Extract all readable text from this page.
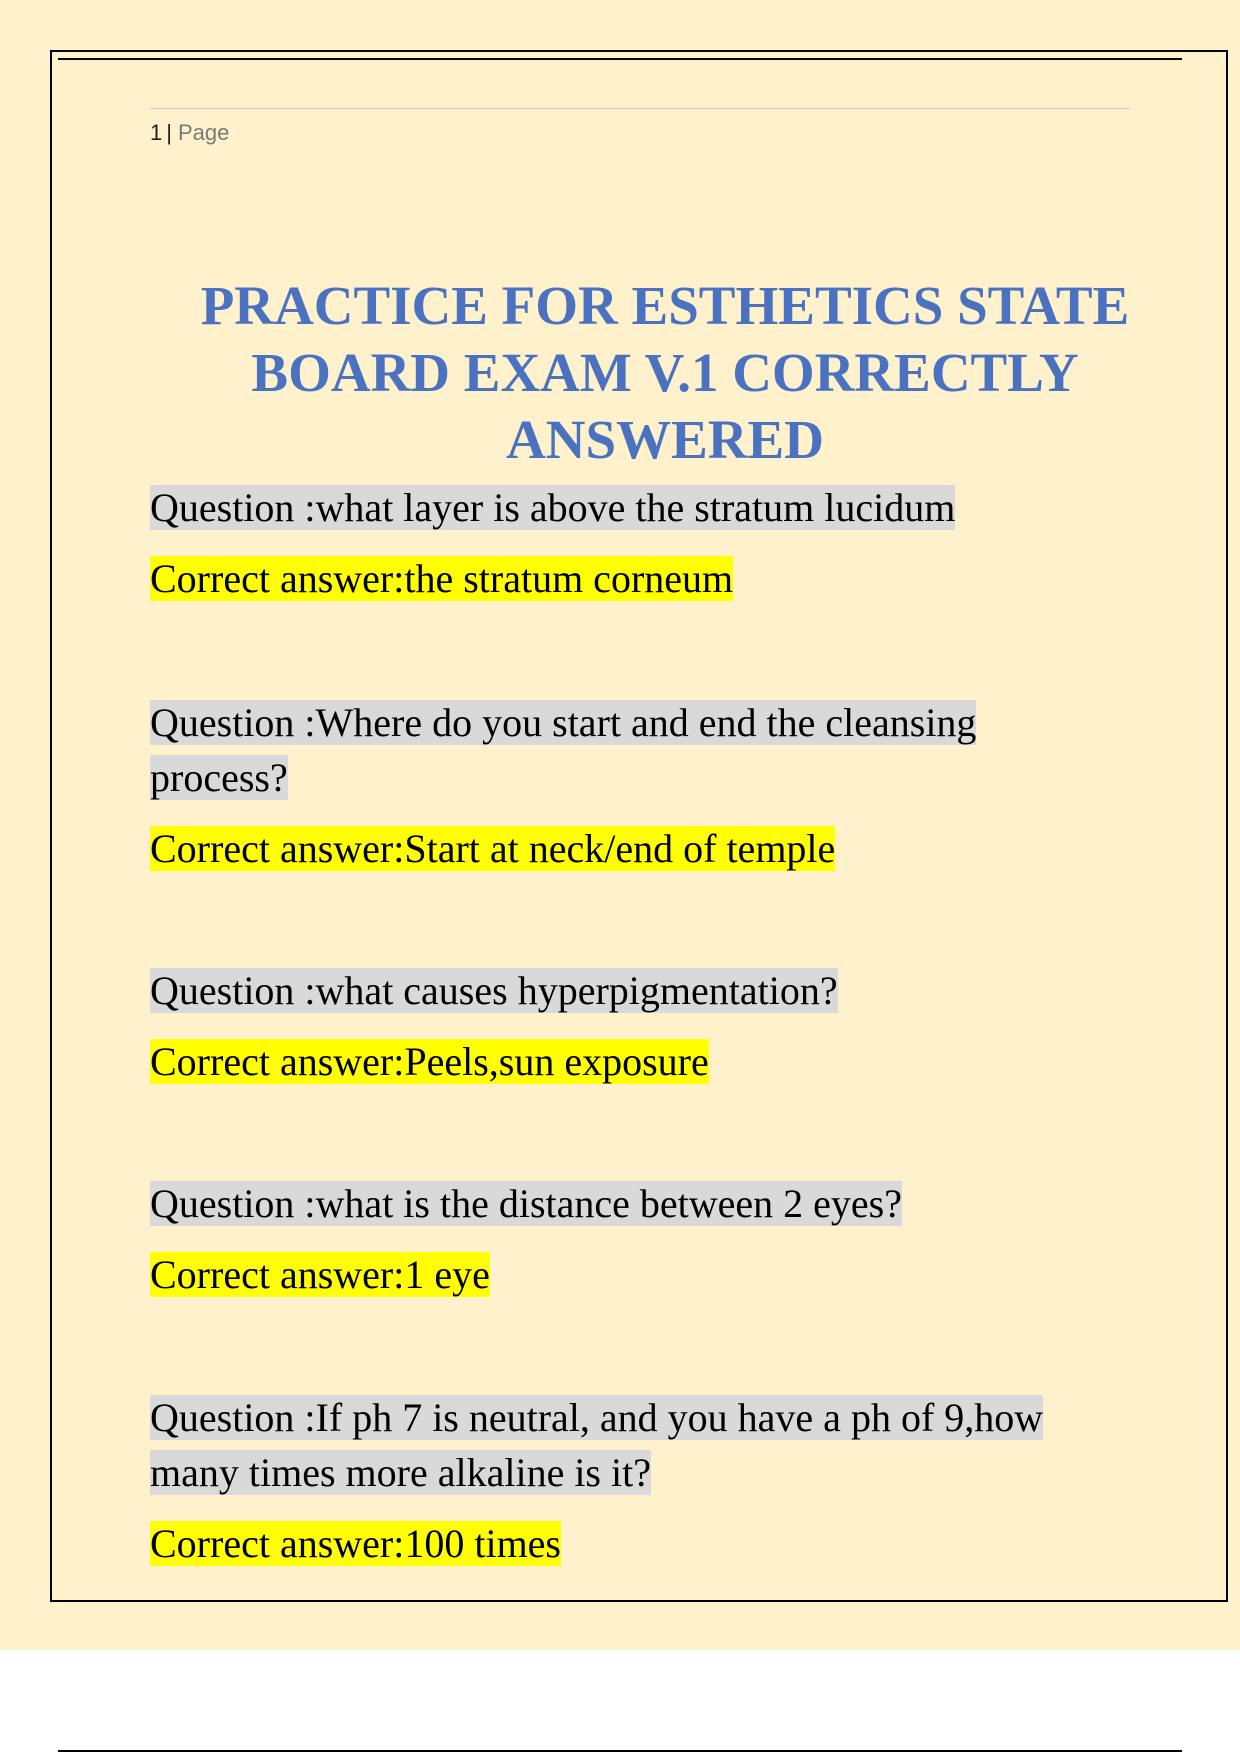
1 | Page
PRACTICE FOR ESTHETICS STATE
BOARD EXAM V.1 CORRECTLY
ANSWERED
Question :what layer is above the stratum lucidum
Correct answer:the stratum corneum
Question :Where do you start and end the cleansing
process?
Correct answer:Start at neck/end of temple
Question :what causes hyperpigmentation?
Correct answer:Peels,sun exposure
Question :what is the distance between 2 eyes?
Correct answer:1 eye
Question :If ph 7 is neutral, and you have a ph of 9,how
many times more alkaline is it?
Correct answer:100 times
